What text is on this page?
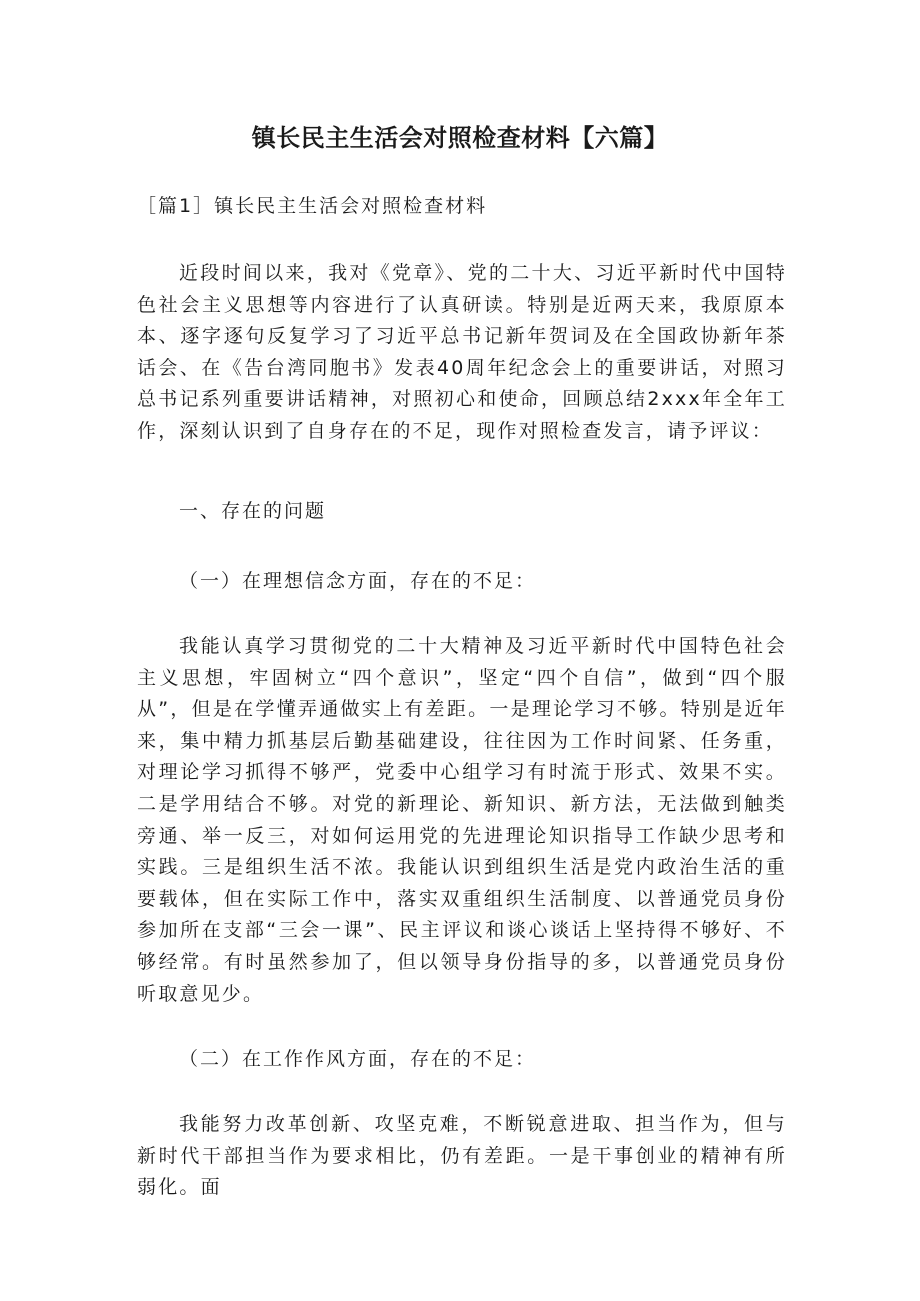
镇长民主生活会对照检查材料【六篇】

［篇1］镇长民主生活会对照检查材料

近段时间以来，我对《党章》、党的二十大、习近平新时代中国特色社会主义思想等内容进行了认真研读。特别是近两天来，我原原本本、逐字逐句反复学习了习近平总书记新年贺词及在全国政协新年茶话会、在《告台湾同胞书》发表40周年纪念会上的重要讲话，对照习总书记系列重要讲话精神，对照初心和使命，回顾总结2xxx年全年工作，深刻认识到了自身存在的不足，现作对照检查发言，请予评议：

一、存在的问题

（一）在理想信念方面，存在的不足：

我能认真学习贯彻党的二十大精神及习近平新时代中国特色社会主义思想，牢固树立“四个意识”，坚定“四个自信”，做到“四个服从”，但是在学懂弄通做实上有差距。一是理论学习不够。特别是近年来，集中精力抓基层后勤基础建设，往往因为工作时间紧、任务重，对理论学习抓得不够严，党委中心组学习有时流于形式、效果不实。二是学用结合不够。对党的新理论、新知识、新方法，无法做到触类旁通、举一反三，对如何运用党的先进理论知识指导工作缺少思考和实践。三是组织生活不浓。我能认识到组织生活是党内政治生活的重要载体，但在实际工作中，落实双重组织生活制度、以普通党员身份参加所在支部“三会一课”、民主评议和谈心谈话上坚持得不够好、不够经常。有时虽然参加了，但以领导身份指导的多，以普通党员身份听取意见少。

（二）在工作作风方面，存在的不足：

我能努力改革创新、攻坚克难，不断锐意进取、担当作为，但与新时代干部担当作为要求相比，仍有差距。一是干事创业的精神有所弱化。面
